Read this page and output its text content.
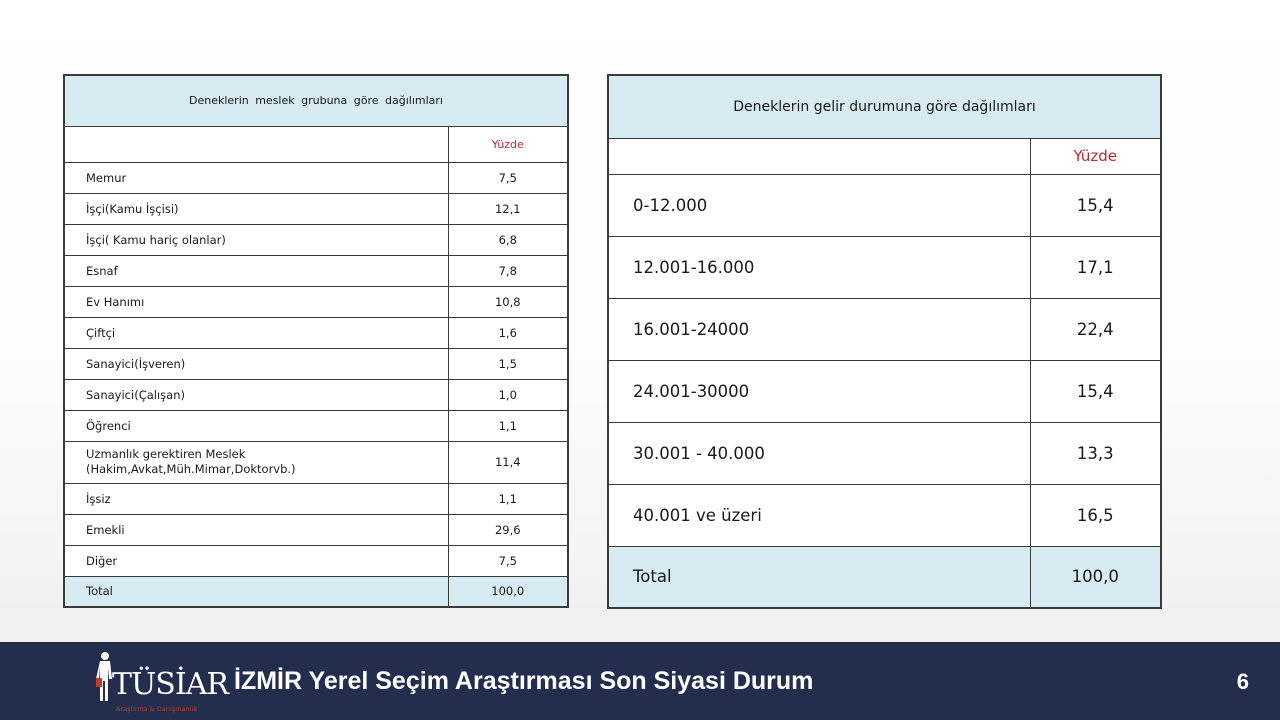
Deneklerin meslek grubuna göre dağılımları	
	Yüzde
Memur	7,5
İşçi(Kamu İşçisi)	12,1
İşçi( Kamu hariç olanlar)	6,8
Esnaf	7,8
Ev Hanımı	10,8
Çiftçi	1,6
Sanayici(İşveren)	1,5
Sanayici(Çalışan)	1,0
Öğrenci	1,1

Uzmanlık gerektiren Meslek
(Hakim,Avkat,Müh.Mimar,Doktorvb.)	11,4
İşsiz	1,1
Emekli	29,6
Diğer	7,5
Total	100,0
Deneklerin gelir durumuna göre dağılımları	
	Yüzde
0-12.000	15,4
12.001-16.000	17,1
16.001-24000	22,4
24.001-30000	15,4
30.001 - 40.000	13,3
40.001 ve üzeri	16,5
Total	100,0
TÜSİAR
Araştırma & Danışmanlık
İZMİR Yerel Seçim Araştırması Son Siyasi Durum	6
